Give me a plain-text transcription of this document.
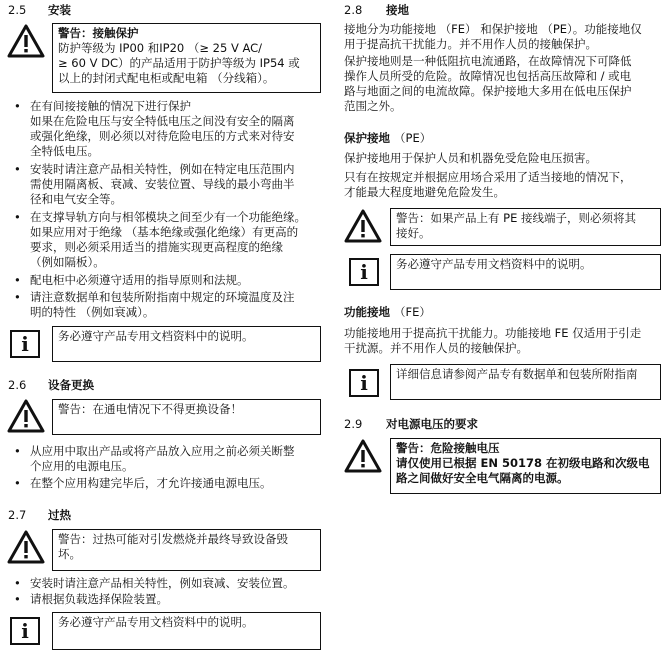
2.5 安装
警告：接触保护
防护等级为 IP00 和IP20 （≥ 25 V AC/
≥ 60 V DC）的产品适用于防护等级为 IP54 或
以上的封闭式配电柜或配电箱 （分线箱）。
• 在有间接接触的情况下进行保护
如果在危险电压与安全特低电压之间没有安全的隔离
或强化绝缘，则必须以对待危险电压的方式来对待安
全特低电压。
• 安装时请注意产品相关特性，例如在特定电压范围内
需使用隔离板、衰减、安装位置、导线的最小弯曲半
径和电气安全等。
• 在支撑导轨方向与相邻模块之间至少有一个功能绝缘。
如果应用对于绝缘 （基本绝缘或强化绝缘）有更高的
要求，则必须采用适当的措施实现更高程度的绝缘
（例如隔板）。
• 配电柜中必须遵守适用的指导原则和法规。
• 请注意数据单和包装所附指南中规定的环境温度及注
明的特性 （例如衰减）。
i	务必遵守产品专用文档资料中的说明。
2.6 设备更换
警告：在通电情况下不得更换设备！
• 从应用中取出产品或将产品放入应用之前必须关断整
个应用的电源电压。
• 在整个应用构建完毕后，才允许接通电源电压。
2.7 过热
警告：过热可能对引发燃烧并最终导致设备毁
坏。
• 安装时请注意产品相关特性，例如衰减、安装位置。
• 请根据负载选择保险装置。
i	务必遵守产品专用文档资料中的说明。
2.8 接地
接地分为功能接地 （FE） 和保护接地 （PE）。功能接地仅
用于提高抗干扰能力。并不用作人员的接触保护。
保护接地则是一种低阻抗电流通路，在故障情况下可降低
操作人员所受的危险。故障情况也包括高压故障和 / 或电
路与地面之间的电流故障。保护接地大多用在低电压保护
范围之外。
保护接地 （PE）
保护接地用于保护人员和机器免受危险电压损害。
只有在按规定并根据应用场合采用了适当接地的情况下，
才能最大程度地避免危险发生。
警告：如果产品上有 PE 接线端子，则必须将其
接好。
i	务必遵守产品专用文档资料中的说明。
功能接地 （FE）
功能接地用于提高抗干扰能力。功能接地 FE 仅适用于引走
干扰源。并不用作人员的接触保护。
i	详细信息请参阅产品专有数据单和包装所附指南
2.9 对电源电压的要求
警告：危险接触电压
请仅使用已根据 EN 50178 在初级电路和次级电
路之间做好安全电气隔离的电源。
